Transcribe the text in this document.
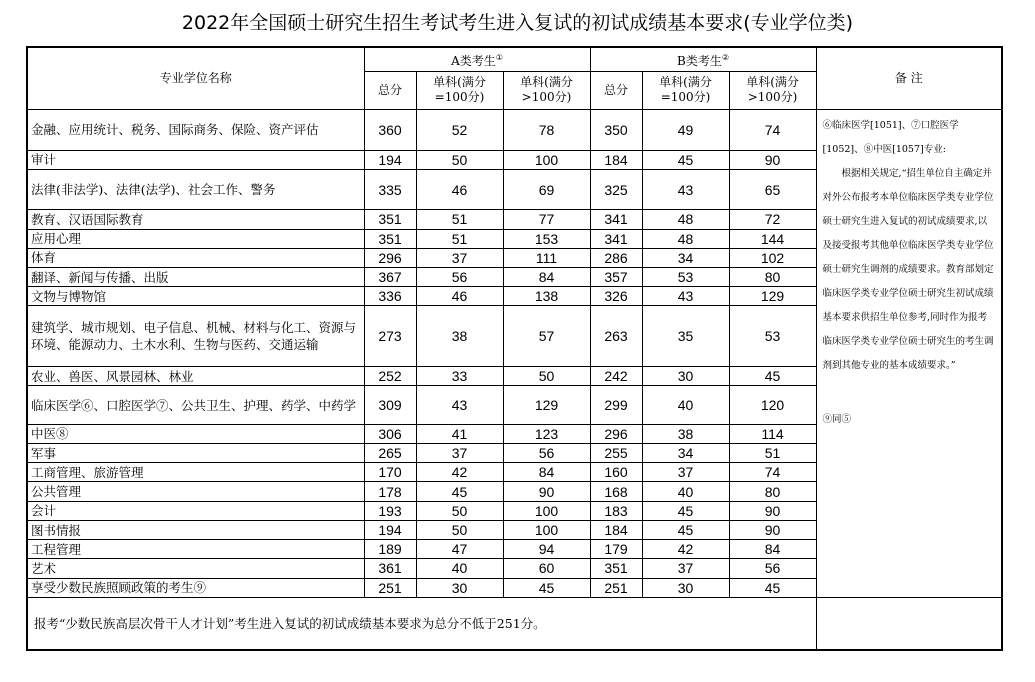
2022年全国硕士研究生招生考试考生进入复试的初试成绩基本要求(专业学位类)
专业学位名称	A类考生①			B类考生②			备 注
	总分	单科(满分=100分)	单科(满分>100分)	总分	单科(满分=100分)	单科(满分>100分)	
金融、应用统计、税务、国际商务、保险、资产评估	360	52	78	350	49	74	⑥临床医学[1051]、⑦口腔医学[1052]、⑧中医[1057]专业:
根据相关规定,“招生单位自主确定并对外公布报考本单位临床医学类专业学位硕士研究生进入复试的初试成绩要求,以及接受报考其他单位临床医学类专业学位硕士研究生调剂的成绩要求。教育部划定临床医学类专业学位硕士研究生初试成绩基本要求供招生单位参考,同时作为报考临床医学类专业学位硕士研究生的考生调剂到其他专业的基本成绩要求。”
⑨同⑤

审计	194	50	100	184	45	90	
法律(非法学)、法律(法学)、社会工作、警务	335	46	69	325	43	65	
教育、汉语国际教育	351	51	77	341	48	72	
应用心理	351	51	153	341	48	144	
体育	296	37	111	286	34	102	
翻译、新闻与传播、出版	367	56	84	357	53	80	
文物与博物馆	336	46	138	326	43	129	
建筑学、城市规划、电子信息、机械、材料与化工、资源与环境、能源动力、土木水利、生物与医药、交通运输	273	38	57	263	35	53	
农业、兽医、风景园林、林业	252	33	50	242	30	45	
临床医学⑥、口腔医学⑦、公共卫生、护理、药学、中药学	309	43	129	299	40	120	
中医⑧	306	41	123	296	38	114	
军事	265	37	56	255	34	51	
工商管理、旅游管理	170	42	84	160	37	74	
公共管理	178	45	90	168	40	80	
会计	193	50	100	183	45	90	
图书情报	194	50	100	184	45	90	
工程管理	189	47	94	179	42	84	
艺术	361	40	60	351	37	56	
享受少数民族照顾政策的考生⑨	251	30	45	251	30	45	
报考“少数民族高层次骨干人才计划”考生进入复试的初试成绩基本要求为总分不低于251分。							
